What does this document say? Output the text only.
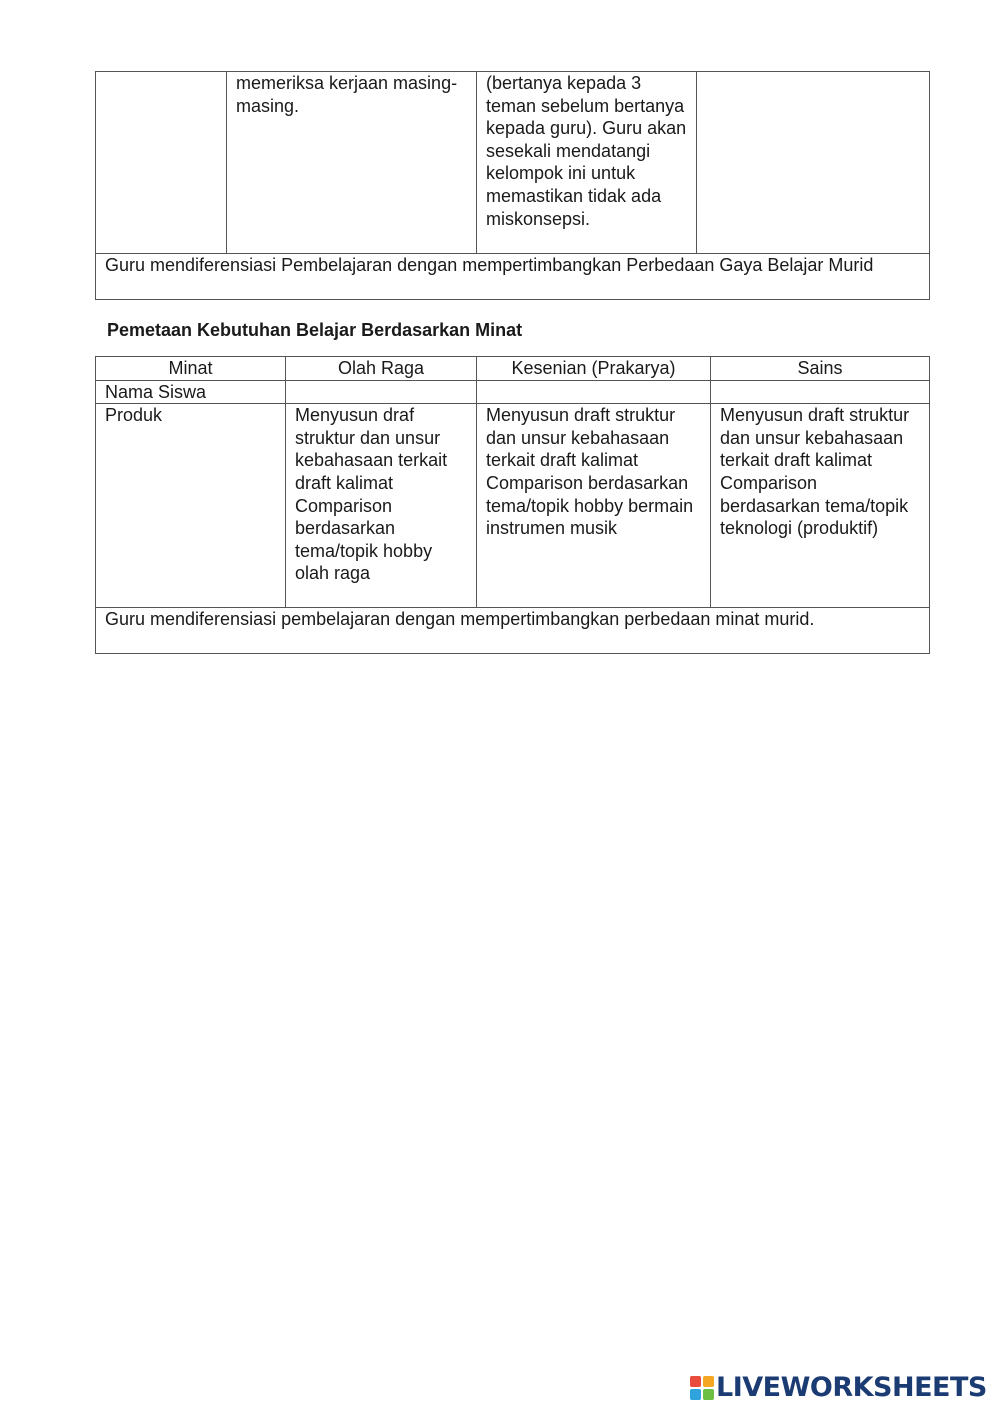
	memeriksa kerjaan masing-masing.	(bertanya kepada 3 teman sebelum bertanya kepada guru). Guru akan sesekali mendatangi kelompok ini untuk memastikan tidak ada miskonsepsi.	
Guru mendiferensiasi Pembelajaran dengan mempertimbangkan Perbedaan Gaya Belajar Murid
Pemetaan Kebutuhan Belajar Berdasarkan Minat
Minat	Olah Raga	Kesenian (Prakarya)	Sains
Nama Siswa			
Produk	Menyusun draf struktur dan unsur kebahasaan terkait draft kalimat Comparison berdasarkan tema/topik hobby olah raga	Menyusun draft struktur dan unsur kebahasaan terkait draft kalimat Comparison berdasarkan tema/topik hobby bermain instrumen musik	Menyusun draft struktur dan unsur kebahasaan terkait draft kalimat Comparison berdasarkan tema/topik teknologi (produktif)
Guru mendiferensiasi pembelajaran dengan mempertimbangkan perbedaan minat murid.			
LIVEWORKSHEETS
